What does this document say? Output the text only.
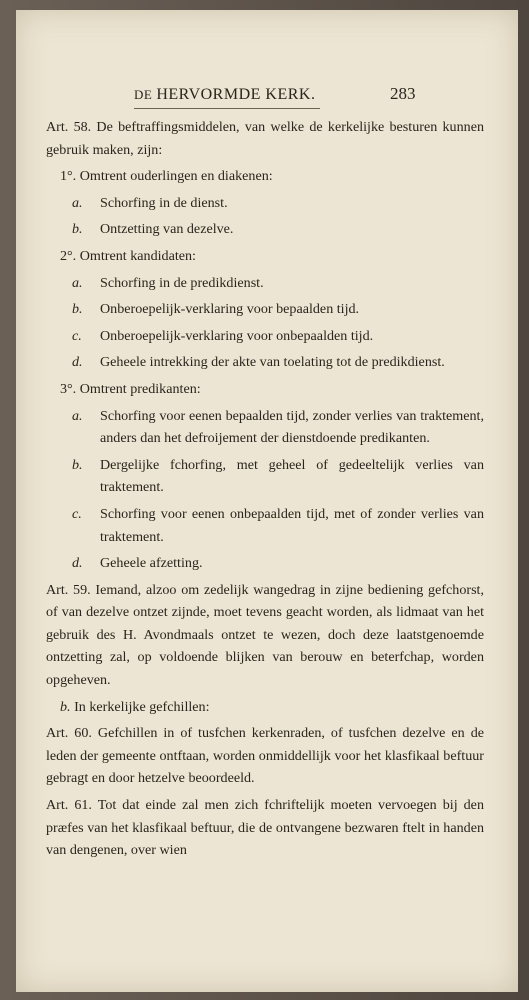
DE HERVORMDE KERK.	283

Art. 58. De beftraffingsmiddelen, van welke de kerkelijke besturen kunnen gebruik maken, zijn:

1°. Omtrent ouderlingen en diakenen:

a. Schorfing in de dienst.
b. Ontzetting van dezelve.

2°. Omtrent kandidaten:

a. Schorfing in de predikdienst.
b. Onberoepelijk-verklaring voor bepaalden tijd.
c. Onberoepelijk-verklaring voor onbepaalden tijd.
d. Geheele intrekking der akte van toelating tot de predikdienst.

3°. Omtrent predikanten:

a. Schorfing voor eenen bepaalden tijd, zonder verlies van traktement, anders dan het defroijement der dienstdoende predikanten.
b. Dergelijke fchorfing, met geheel of gedeeltelijk verlies van traktement.
c. Schorfing voor eenen onbepaalden tijd, met of zonder verlies van traktement.
d. Geheele afzetting.

Art. 59. Iemand, alzoo om zedelijk wangedrag in zijne bediening gefchorst, of van dezelve ontzet zijnde, moet tevens geacht worden, als lidmaat van het gebruik des H. Avondmaals ontzet te wezen, doch deze laatstgenoemde ontzetting zal, op voldoende blijken van berouw en beterfchap, worden opgeheven.

b. In kerkelijke gefchillen:

Art. 60. Gefchillen in of tusfchen kerkenraden, of tusfchen dezelve en de leden der gemeente ontftaan, worden onmiddellijk voor het klasfikaal beftuur gebragt en door hetzelve beoordeeld.

Art. 61. Tot dat einde zal men zich fchriftelijk moeten vervoegen bij den præfes van het klasfikaal beftuur, die de ontvangene bezwaren ftelt in handen van dengenen, over wien
